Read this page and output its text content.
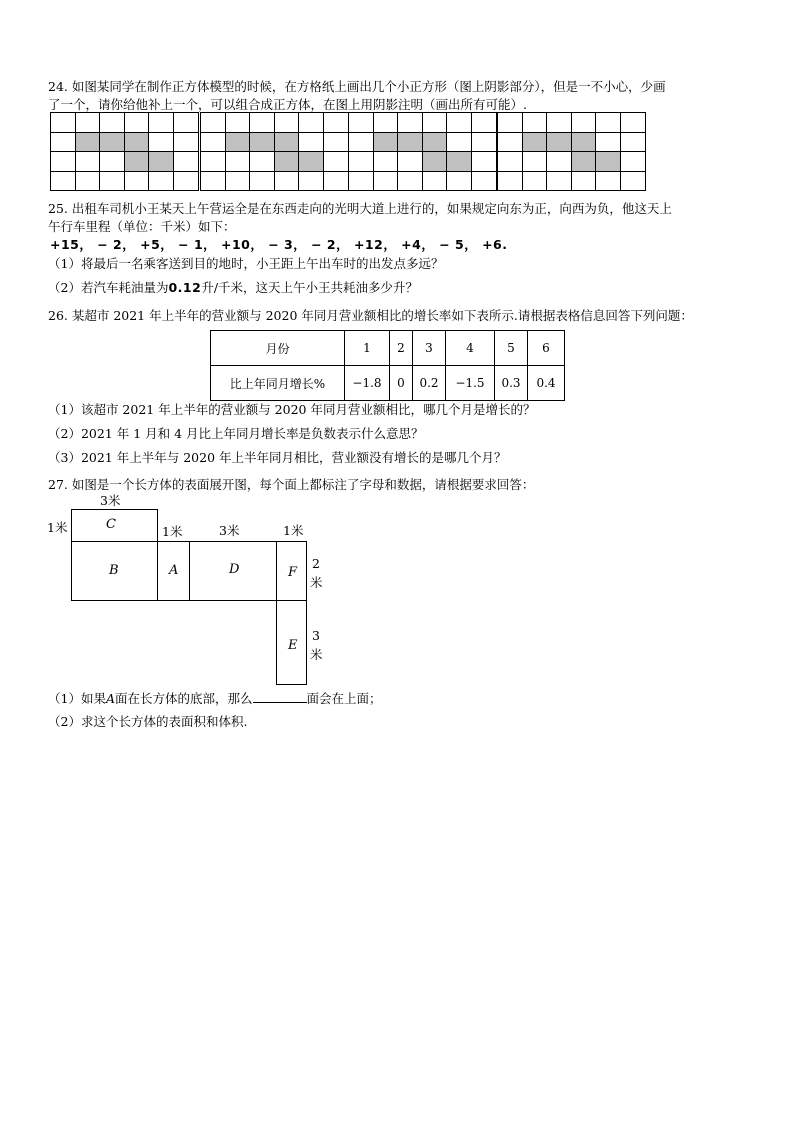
24. 如图某同学在制作正方体模型的时候，在方格纸上画出几个小正方形（图上阴影部分），但是一不小心，少画
了一个，请你给他补上一个，可以组合成正方体，在图上用阴影注明（画出所有可能）.

25. 出租车司机小王某天上午营运全是在东西走向的光明大道上进行的，如果规定向东为正，向西为负，他这天上
午行车里程（单位：千米）如下：
+15， − 2， +5， − 1， +10， − 3， − 2， +12， +4， − 5， +6.
（1）将最后一名乘客送到目的地时，小王距上午出车时的出发点多远？
（2）若汽车耗油量为0.12升/千米，这天上午小王共耗油多少升？
26. 某超市 2021 年上半年的营业额与 2020 年同月营业额相比的增长率如下表所示.请根据表格信息回答下列问题：
月份	1	2	3	4	5	6
比上年同月增长%	−1.8	0	0.2	−1.5	0.3	0.4
（1）该超市 2021 年上半年的营业额与 2020 年同月营业额相比，哪几个月是增长的？
（2）2021 年 1 月和 4 月比上年同月增长率是负数表示什么意思？
（3）2021 年上半年与 2020 年上半年同月相比，营业额没有增长的是哪几个月？
27. 如图是一个长方体的表面展开图，每个面上都标注了字母和数据，请根据要求回答：
C
B	A	D	F
E
3米
1米	1米	3米	1米
2
米
3
米
（1）如果A面在长方体的底部，那么	面会在上面；
（2）求这个长方体的表面积和体积.
